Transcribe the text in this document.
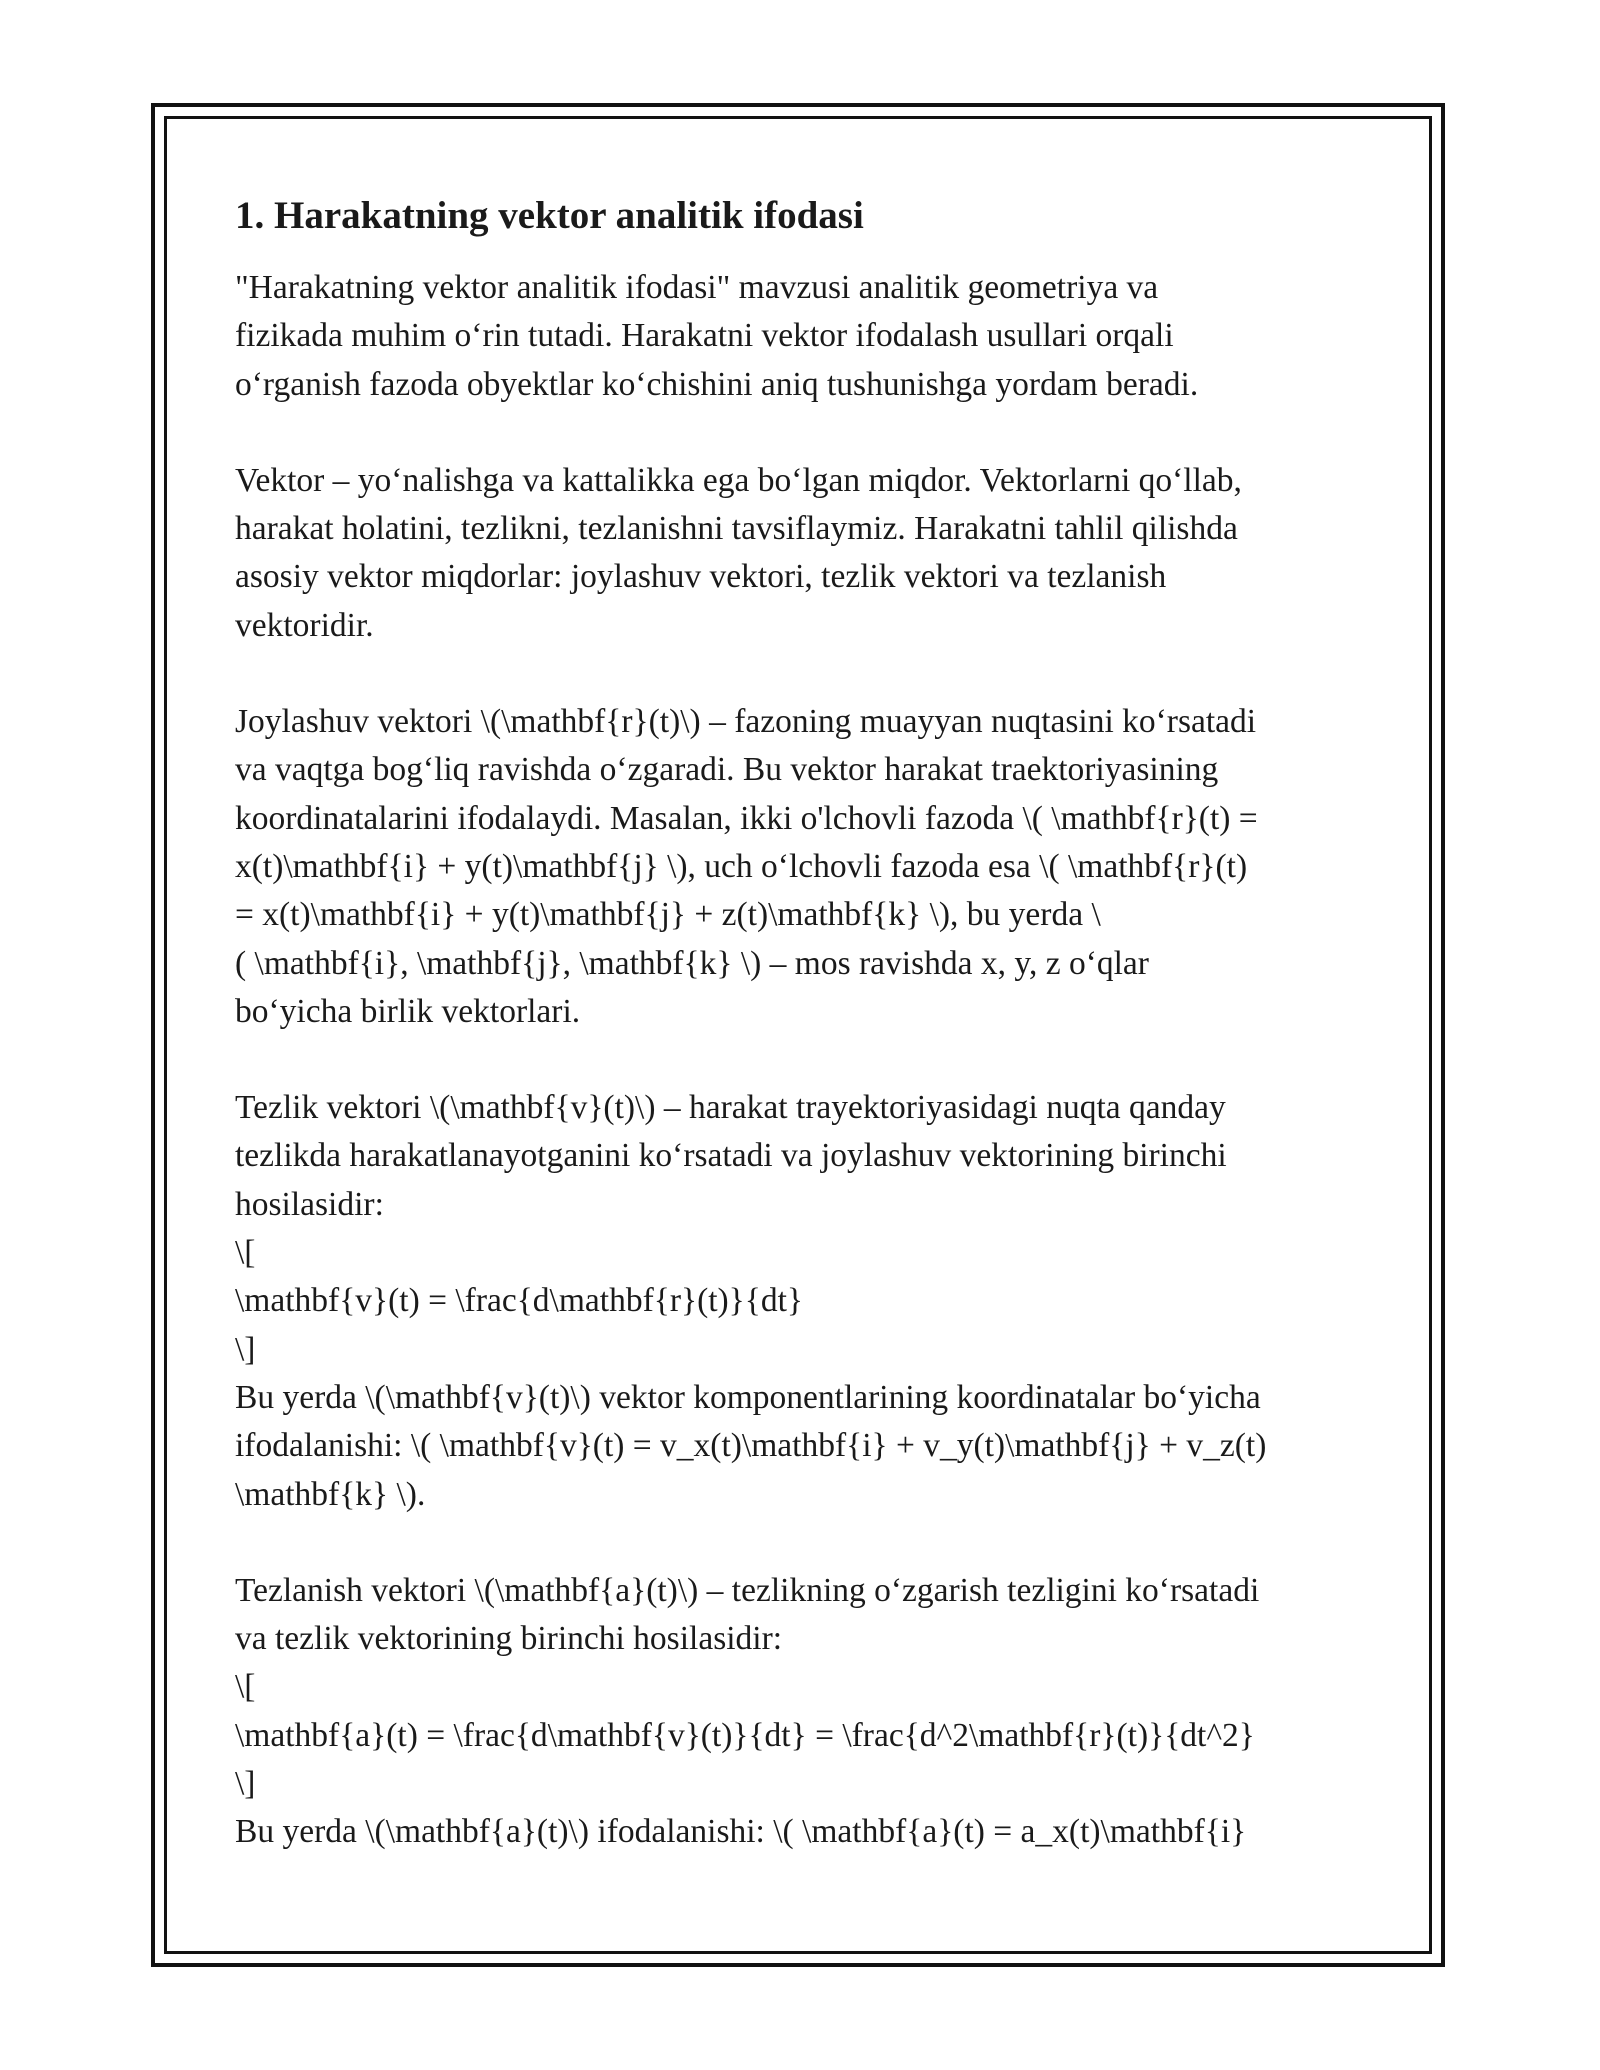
1. Harakatning vektor analitik ifodasi

"Harakatning vektor analitik ifodasi" mavzusi analitik geometriya va
fizikada muhim oʻrin tutadi. Harakatni vektor ifodalash usullari orqali
oʻrganish fazoda obyektlar koʻchishini aniq tushunishga yordam beradi.

Vektor – yoʻnalishga va kattalikka ega boʻlgan miqdor. Vektorlarni qoʻllab,
harakat holatini, tezlikni, tezlanishni tavsiflaymiz. Harakatni tahlil qilishda
asosiy vektor miqdorlar: joylashuv vektori, tezlik vektori va tezlanish
vektoridir.

Joylashuv vektori \(\mathbf{r}(t)\) – fazoning muayyan nuqtasini koʻrsatadi
va vaqtga bogʻliq ravishda oʻzgaradi. Bu vektor harakat traektoriyasining
koordinatalarini ifodalaydi. Masalan, ikki o'lchovli fazoda \( \mathbf{r}(t) =
x(t)\mathbf{i} + y(t)\mathbf{j} \), uch oʻlchovli fazoda esa \( \mathbf{r}(t)
= x(t)\mathbf{i} + y(t)\mathbf{j} + z(t)\mathbf{k} \), bu yerda \
( \mathbf{i}, \mathbf{j}, \mathbf{k} \) – mos ravishda x, y, z oʻqlar
boʻyicha birlik vektorlari.

Tezlik vektori \(\mathbf{v}(t)\) – harakat trayektoriyasidagi nuqta qanday
tezlikda harakatlanayotganini koʻrsatadi va joylashuv vektorining birinchi
hosilasidir:
\[
\mathbf{v}(t) = \frac{d\mathbf{r}(t)}{dt}
\]
Bu yerda \(\mathbf{v}(t)\) vektor komponentlarining koordinatalar boʻyicha
ifodalanishi: \( \mathbf{v}(t) = v_x(t)\mathbf{i} + v_y(t)\mathbf{j} + v_z(t)
\mathbf{k} \).

Tezlanish vektori \(\mathbf{a}(t)\) – tezlikning oʻzgarish tezligini koʻrsatadi
va tezlik vektorining birinchi hosilasidir:
\[
\mathbf{a}(t) = \frac{d\mathbf{v}(t)}{dt} = \frac{d^2\mathbf{r}(t)}{dt^2}
\]
Bu yerda \(\mathbf{a}(t)\) ifodalanishi: \( \mathbf{a}(t) = a_x(t)\mathbf{i}
